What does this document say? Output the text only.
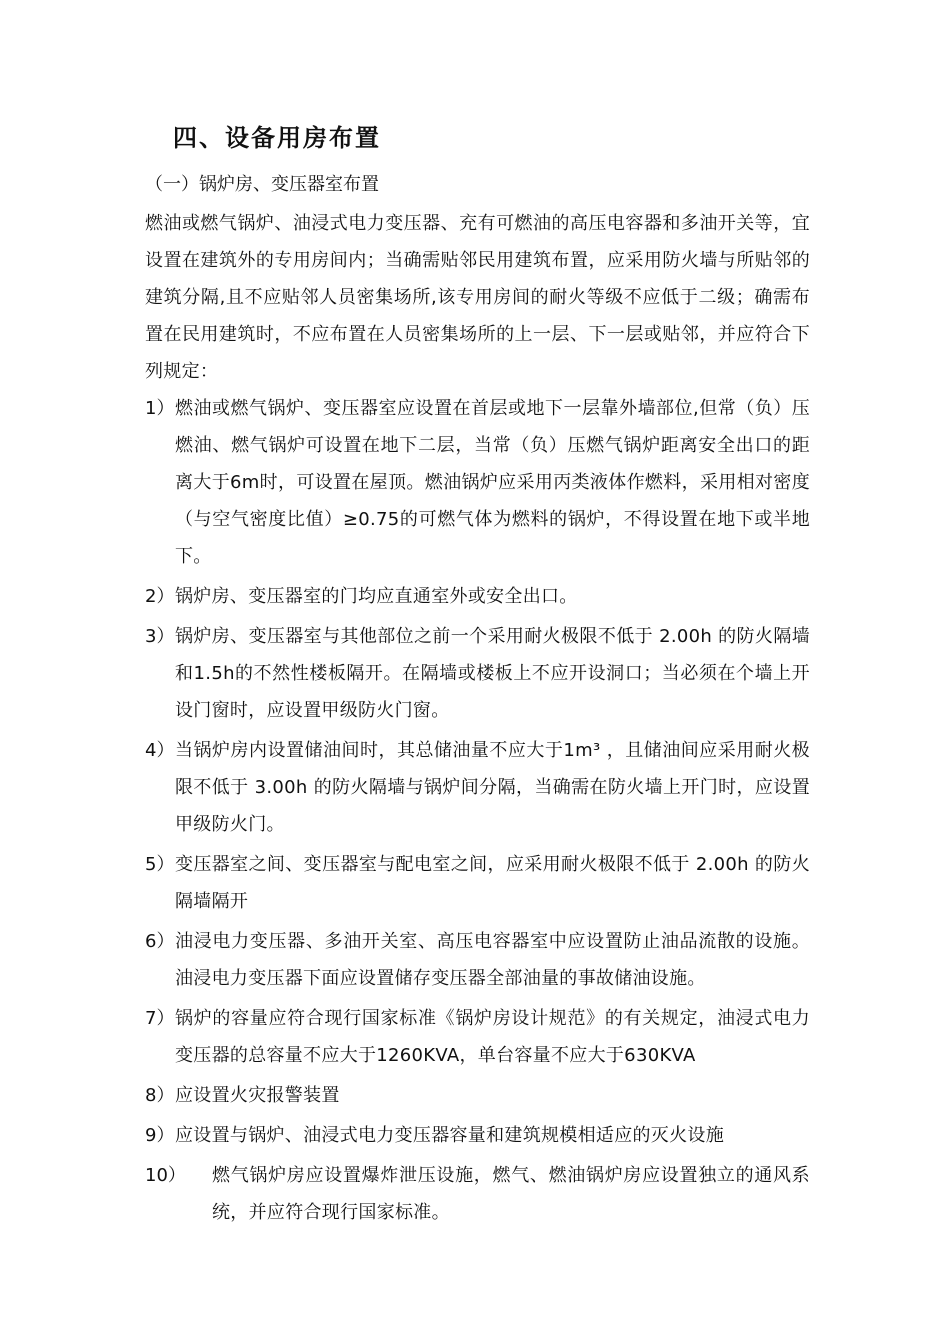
四、设备用房布置
（一）锅炉房、变压器室布置
燃油或燃气锅炉、油浸式电力变压器、充有可燃油的高压电容器和多油开关等，宜设置在建筑外的专用房间内；当确需贴邻民用建筑布置，应采用防火墙与所贴邻的建筑分隔,且不应贴邻人员密集场所,该专用房间的耐火等级不应低于二级；确需布置在民用建筑时，不应布置在人员密集场所的上一层、下一层或贴邻，并应符合下列规定：
1） 燃油或燃气锅炉、变压器室应设置在首层或地下一层靠外墙部位,但常（负）压燃油、燃气锅炉可设置在地下二层，当常（负）压燃气锅炉距离安全出口的距离大于6m时，可设置在屋顶。燃油锅炉应采用丙类液体作燃料，采用相对密度（与空气密度比值）≥0.75的可燃气体为燃料的锅炉，不得设置在地下或半地下。
2） 锅炉房、变压器室的门均应直通室外或安全出口。
3） 锅炉房、变压器室与其他部位之前一个采用耐火极限不低于 2.00h 的防火隔墙和1.5h的不然性楼板隔开。在隔墙或楼板上不应开设洞口；当必须在个墙上开设门窗时，应设置甲级防火门窗。
4） 当锅炉房内设置储油间时，其总储油量不应大于1m³ ，且储油间应采用耐火极限不低于 3.00h 的防火隔墙与锅炉间分隔，当确需在防火墙上开门时，应设置甲级防火门。
5） 变压器室之间、变压器室与配电室之间，应采用耐火极限不低于 2.00h 的防火隔墙隔开
6） 油浸电力变压器、多油开关室、高压电容器室中应设置防止油品流散的设施。油浸电力变压器下面应设置储存变压器全部油量的事故储油设施。
7） 锅炉的容量应符合现行国家标准《锅炉房设计规范》的有关规定，油浸式电力变压器的总容量不应大于1260KVA，单台容量不应大于630KVA
8） 应设置火灾报警装置
9） 应设置与锅炉、油浸式电力变压器容量和建筑规模相适应的灭火设施
10）	燃气锅炉房应设置爆炸泄压设施，燃气、燃油锅炉房应设置独立的通风系统，并应符合现行国家标准。
